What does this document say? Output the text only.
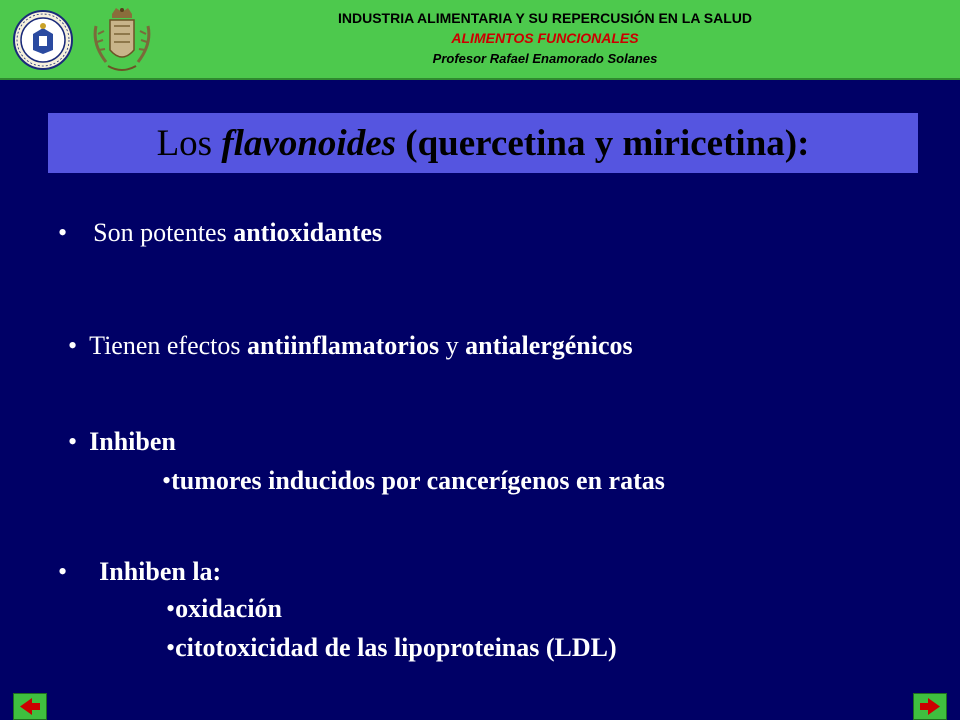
INDUSTRIA ALIMENTARIA Y SU REPERCUSIÓN EN LA SALUD
ALIMENTOS FUNCIONALES
Profesor Rafael Enamorado Solanes
Los flavonoides (quercetina y miricetina):
• Son potentes antioxidantes
• Tienen efectos antiinflamatorios y antialergénicos
• Inhiben
•tumores inducidos por cancerígenos en ratas
• Inhiben la:
•oxidación
•citotoxicidad de las lipoproteinas (LDL)
